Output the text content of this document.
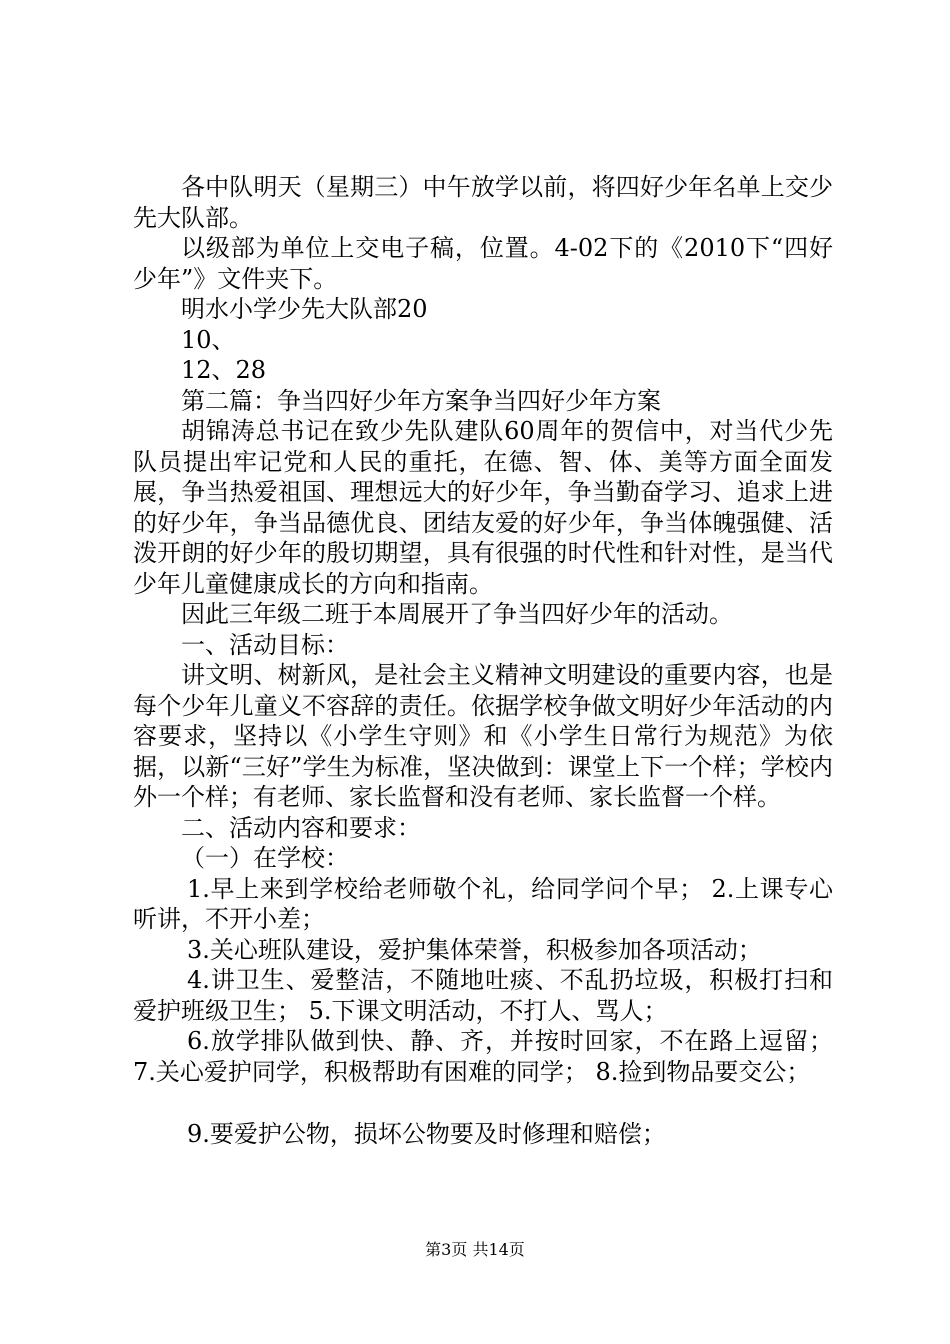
各中队明天（星期三）中午放学以前，将四好少年名单上交少先大队部。

以级部为单位上交电子稿，位置。4-02下的《2010下“四好少年”》文件夹下。

明水小学少先大队部20

10、

12、28

第二篇：争当四好少年方案争当四好少年方案

胡锦涛总书记在致少先队建队60周年的贺信中，对当代少先队员提出牢记党和人民的重托，在德、智、体、美等方面全面发展，争当热爱祖国、理想远大的好少年，争当勤奋学习、追求上进的好少年，争当品德优良、团结友爱的好少年，争当体魄强健、活泼开朗的好少年的殷切期望，具有很强的时代性和针对性，是当代少年儿童健康成长的方向和指南。

因此三年级二班于本周展开了争当四好少年的活动。

一、活动目标：

讲文明、树新风，是社会主义精神文明建设的重要内容，也是每个少年儿童义不容辞的责任。依据学校争做文明好少年活动的内容要求，坚持以《小学生守则》和《小学生日常行为规范》为依据，以新“三好”学生为标准，坚决做到：课堂上下一个样；学校内外一个样；有老师、家长监督和没有老师、家长监督一个样。

二、活动内容和要求：

（一）在学校：

1.早上来到学校给老师敬个礼，给同学问个早； 2.上课专心听讲，不开小差；

3.关心班队建设，爱护集体荣誉，积极参加各项活动；

4.讲卫生、爱整洁，不随地吐痰、不乱扔垃圾，积极打扫和爱护班级卫生； 5.下课文明活动，不打人、骂人；

6.放学排队做到快、静、齐，并按时回家，不在路上逗留； 7.关心爱护同学，积极帮助有困难的同学； 8.捡到物品要交公；

9.要爱护公物，损坏公物要及时修理和赔偿；

第3页 共14页
